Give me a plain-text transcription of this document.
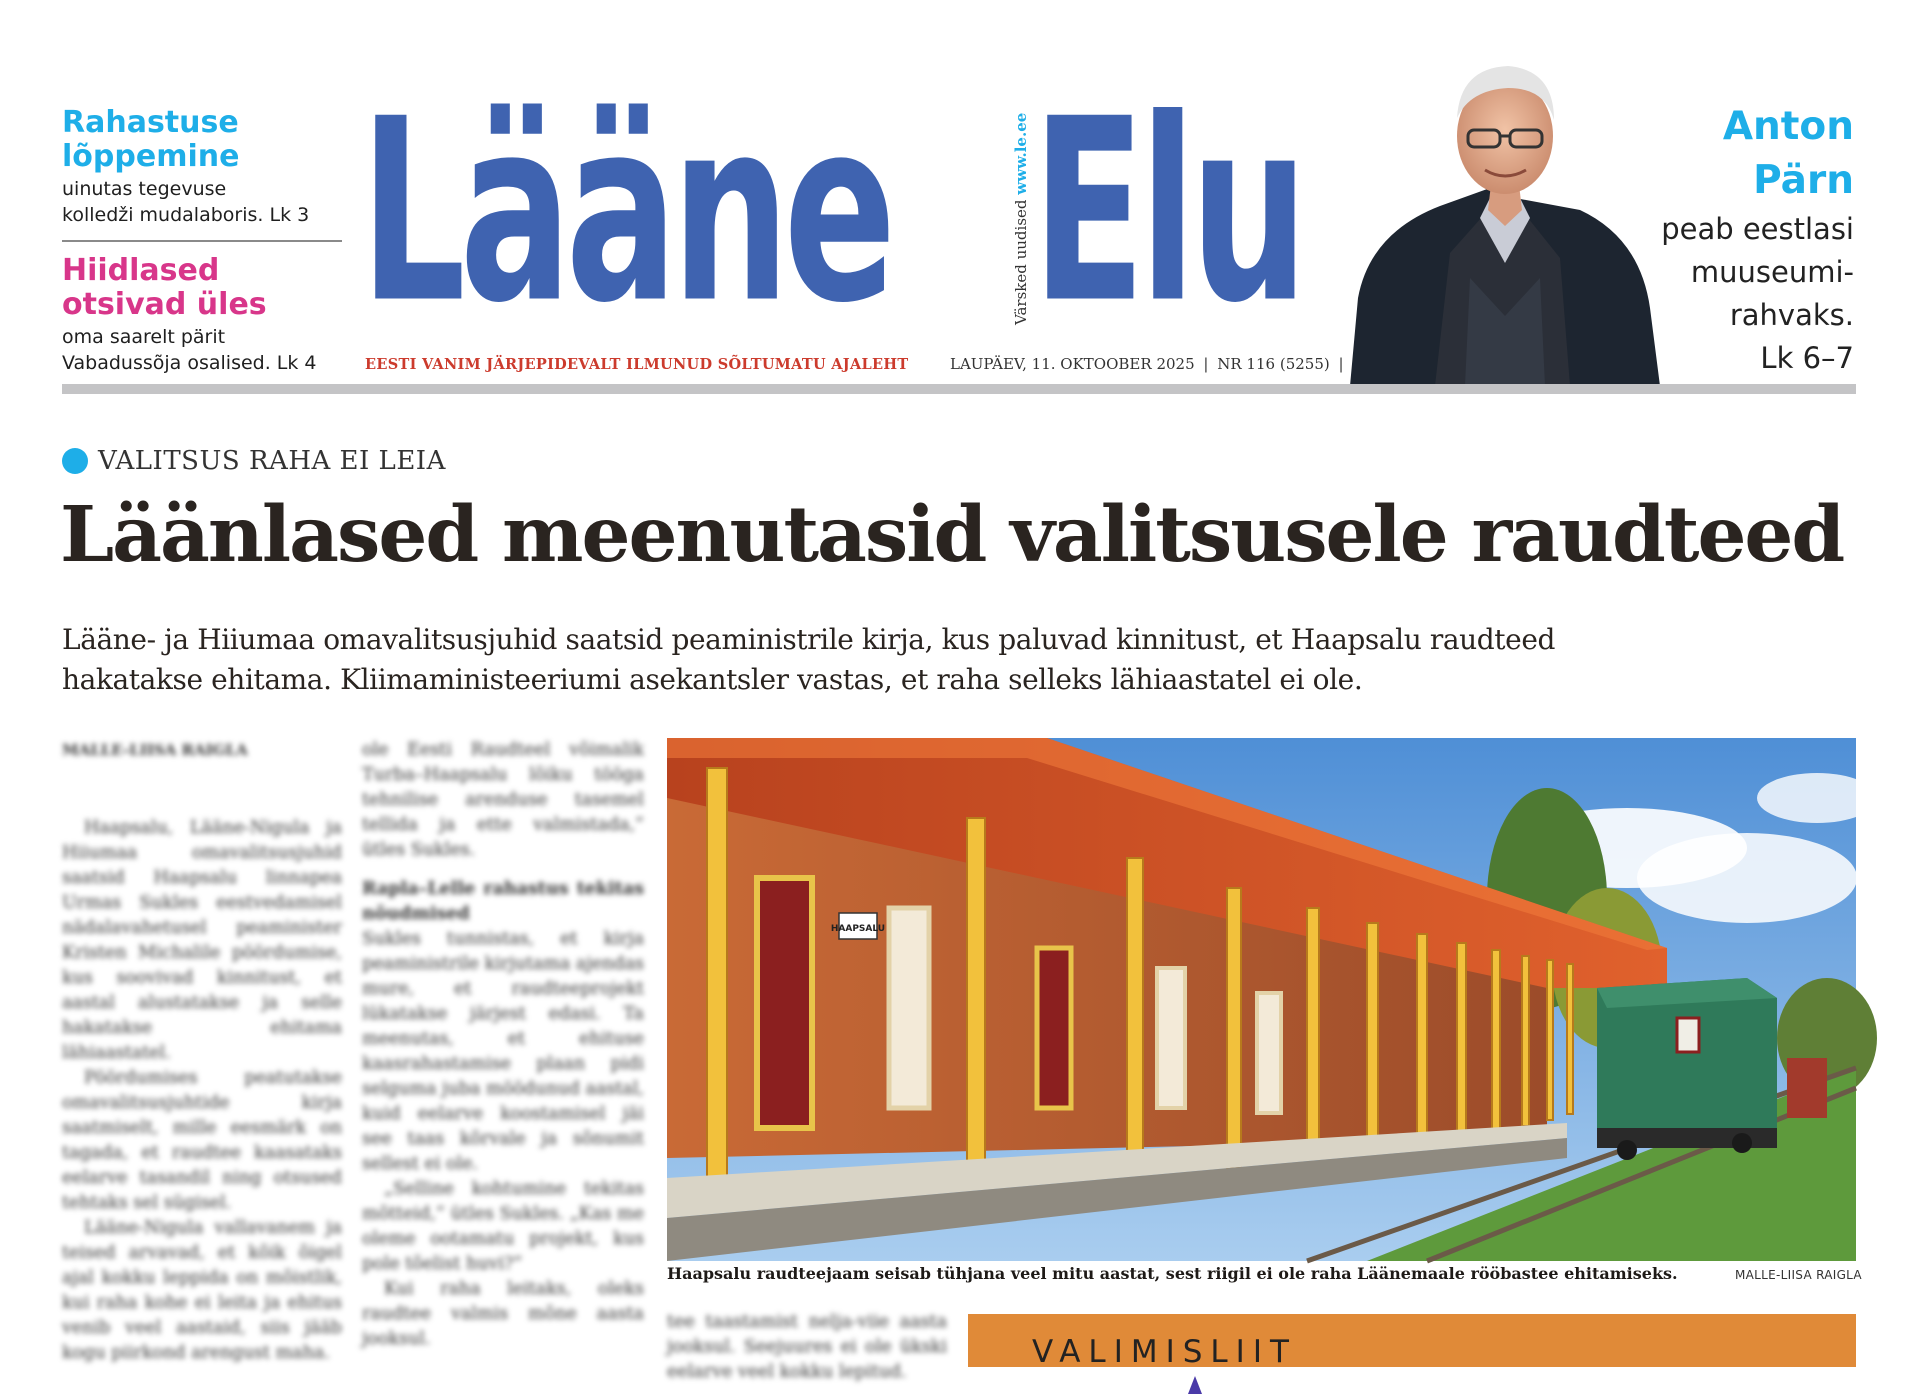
Rahastuse
lõppemine
uinutas tegevuse
kolledži mudalaboris. Lk 3
Hiidlased
otsivad üles
oma saarelt pärit
Vabadussõja osalised. Lk 4
Lääne	Värsked uudised www.le.ee Elu
EESTI VANIM JÄRJEPIDEVALT ILMUNUD SÕLTUMATU AJALEHT	LAUPÄEV, 11. OKTOOBER 2025 | NR 116 (5255) |
Anton
Pärn
peab eestlasi
muuseumi-
rahvaks.
Lk 6–7
VALITSUS RAHA EI LEIA
Läänlased meenutasid valitsusele raudteed
Lääne- ja Hiiumaa omavalitsusjuhid saatsid peaministrile kirja, kus paluvad kinnitust, et Haapsalu raudteed
hakatakse ehitama. Kliimaministeeriumi asekantsler vastas, et raha selleks lähiaastatel ei ole.
MALLE-LIISA RAIGLA

Haapsalu, Lääne-Nigula ja Hiiumaa omavalitsusjuhid saatsid Haapsalu linnapea Urmas Sukles eestvedamisel nädalavahetusel peaminister Kristen Michalile pöördumise, kus soovivad kinnitust, et aastal alustatakse ja selle hakatakse ehitama lähiaastatel.

Pöördumises peatutakse omavalitsusjuhtide kirja saatmiselt, mille eesmärk on tagada, et raudtee kaasataks eelarve tasandil ning otsused tehtaks sel sügisel.

Lääne-Nigula vallavanem ja teised arvavad, et kõik õigel ajal kokku leppida on mõistlik, kui raha kohe ei leita ja ehitus venib veel aastaid, siis jääb kogu piirkond arengust maha.

ole Eesti Raudteel võimalik Turba–Haapsalu lõiku tööga tehnilise arenduse tasemel tellida ja ette valmistada,” ütles Sukles.

Rapla–Lelle rahastus tekitas nõudmised

Sukles tunnistas, et kirja peaministrile kirjutama ajendas mure, et raudteeprojekt lükatakse järjest edasi. Ta meenutas, et ehituse kaasrahastamise plaan pidi selguma juba möödunud aastal, kuid eelarve koostamisel jäi see taas kõrvale ja sõnumit sellest ei ole.

„Selline kohtumine tekitas mõtteid,” ütles Sukles. „Kas me oleme ootamatu projekt, kus pole tõelist huvi?”

Kui raha leitaks, oleks raudtee valmis mõne aasta jooksul.

HAAPSALU
Haapsalu raudteejaam seisab tühjana veel mitu aastat, sest riigil ei ole raha Läänemaale rööbastee ehitamiseks.	MALLE-LIISA RAIGLA

tee taastamist nelja-viie aasta jooksul. Seejuures ei ole ükski eelarve veel kokku lepitud.

VALIMISLIIT
